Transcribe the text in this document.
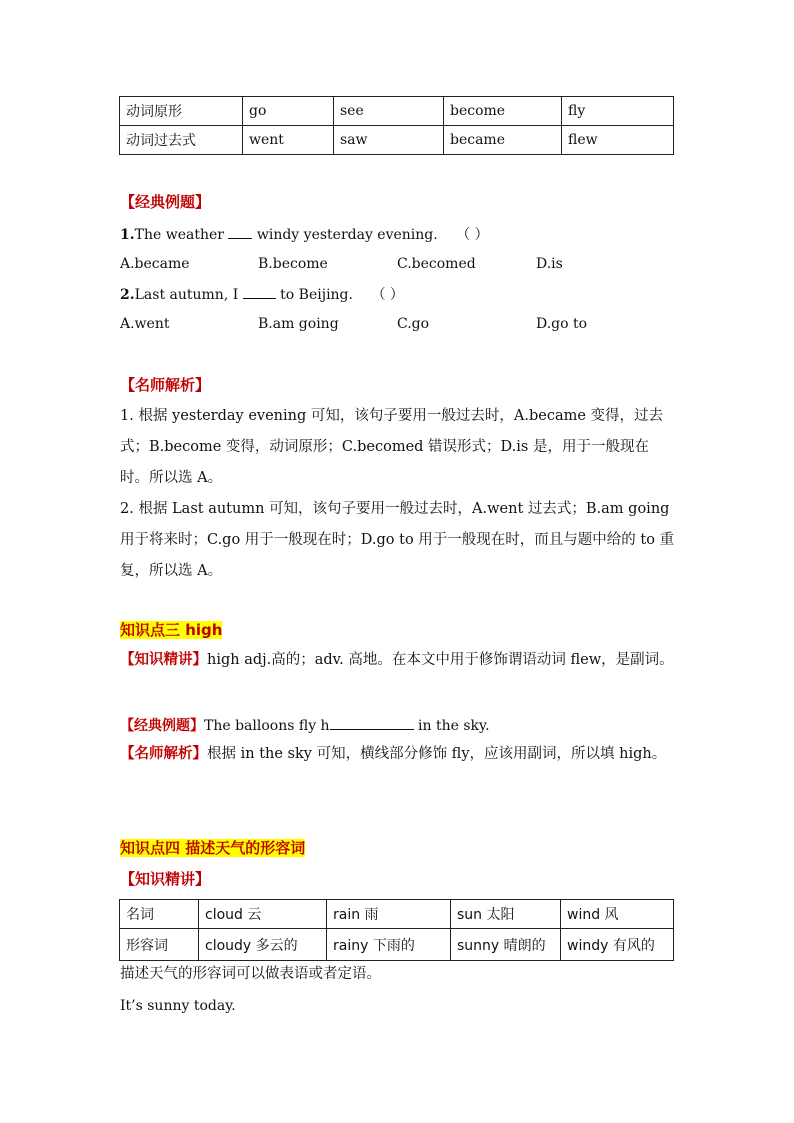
动词原形	go	see	become	fly
动词过去式	went	saw	became	flew
【经典例题】
1.The weather  windy yesterday evening. （ ）
A.became	B.become	C.becomed	D.is
2.Last autumn, I  to Beijing. （ ）
A.went	B.am going	C.go	D.go to
【名师解析】
1. 根据 yesterday evening 可知，该句子要用一般过去时，A.became 变得，过去式；B.become 变得，动词原形；C.becomed 错误形式；D.is 是，用于一般现在时。所以选 A。
2. 根据 Last autumn 可知，该句子要用一般过去时，A.went 过去式；B.am going 用于将来时；C.go 用于一般现在时；D.go to 用于一般现在时，而且与题中给的 to 重复，所以选 A。
知识点三 high
【知识精讲】high adj.高的；adv. 高地。在本文中用于修饰谓语动词 flew，是副词。
【经典例题】The balloons fly h	in the sky.
【名师解析】根据 in the sky 可知，横线部分修饰 fly，应该用副词，所以填 high。
知识点四 描述天气的形容词
【知识精讲】
名词	cloud 云	rain 雨	sun 太阳	wind 风
形容词	cloudy 多云的	rainy 下雨的	sunny 晴朗的	windy 有风的
描述天气的形容词可以做表语或者定语。
It’s sunny today.
